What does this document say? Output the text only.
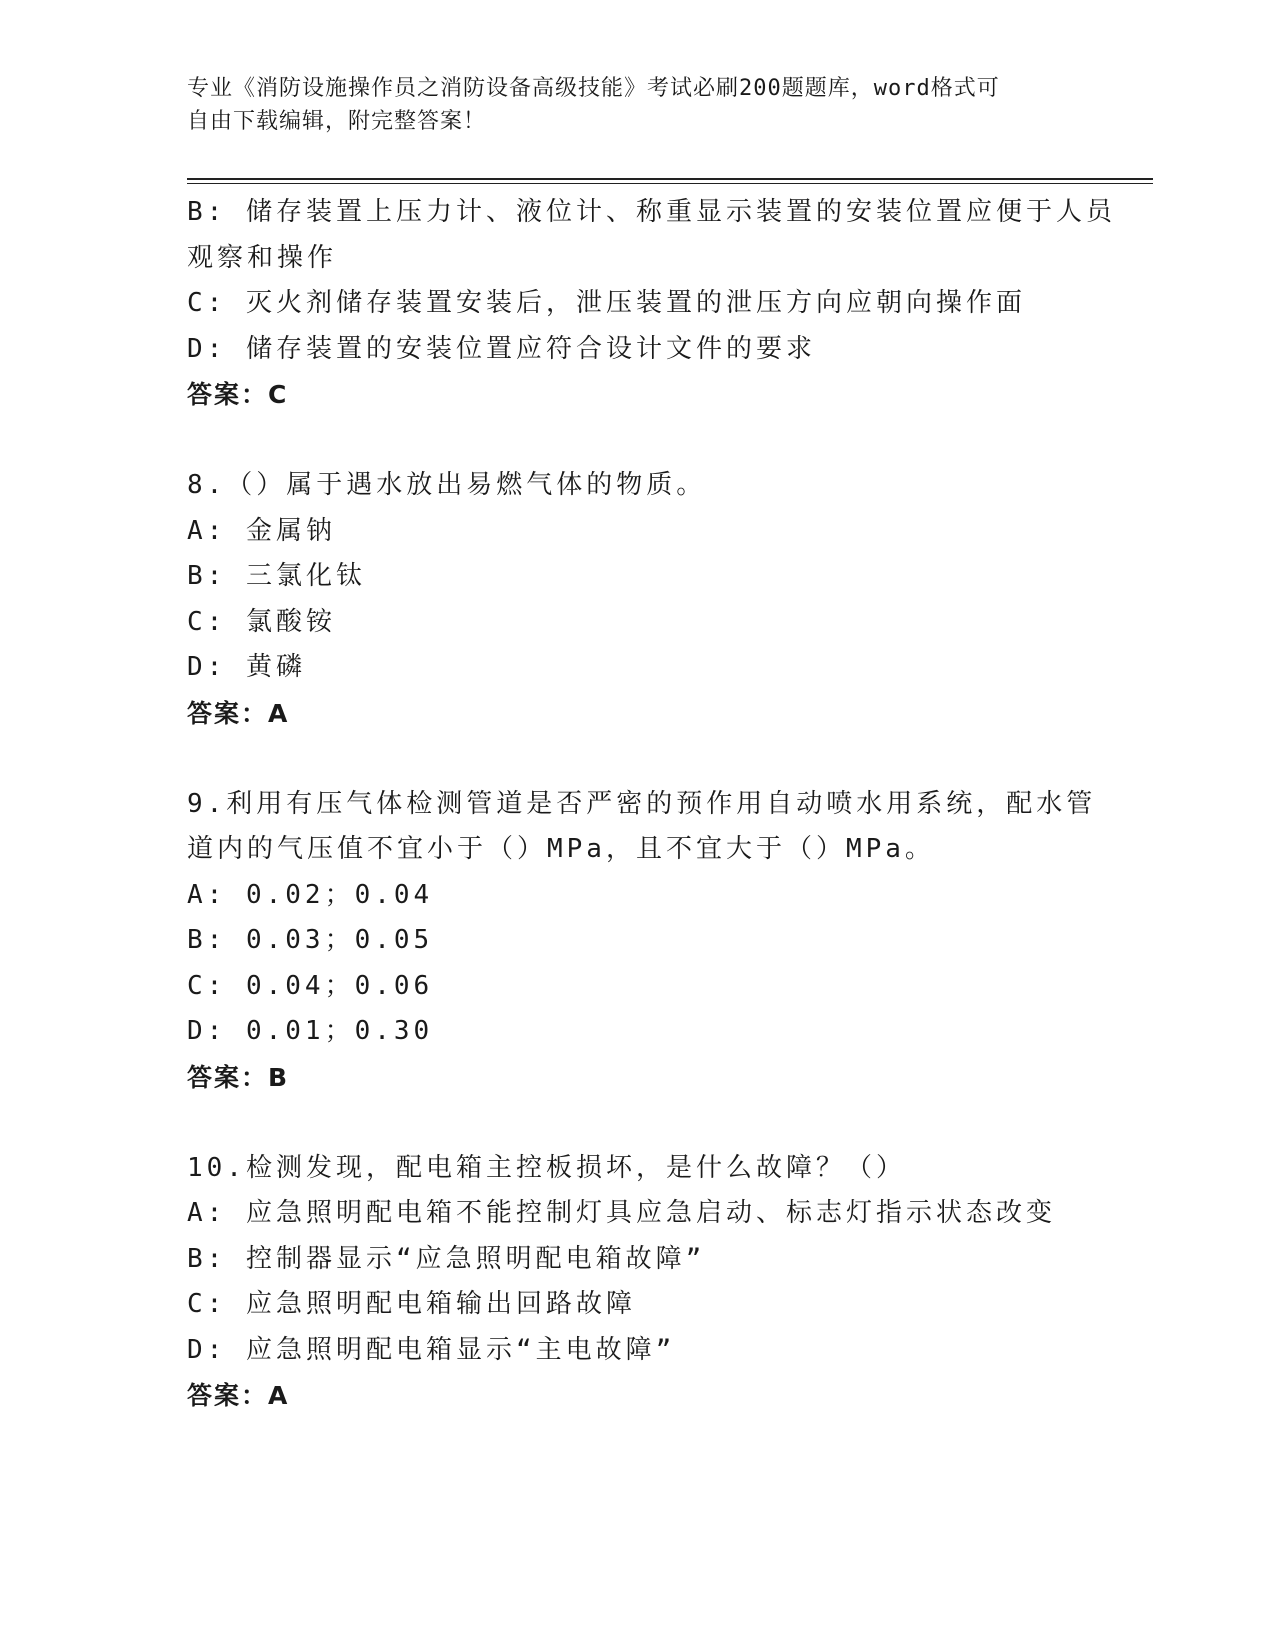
专业《消防设施操作员之消防设备高级技能》考试必刷200题题库，word格式可
自由下载编辑，附完整答案！
B: 储存装置上压力计、液位计、称重显示装置的安装位置应便于人员
观察和操作
C: 灭火剂储存装置安装后，泄压装置的泄压方向应朝向操作面
D: 储存装置的安装位置应符合设计文件的要求
答案：C
8.（）属于遇水放出易燃气体的物质。
A: 金属钠
B: 三氯化钛
C: 氯酸铵
D: 黄磷
答案：A
9.利用有压气体检测管道是否严密的预作用自动喷水用系统，配水管
道内的气压值不宜小于（）MPa，且不宜大于（）MPa。
A: 0.02；0.04
B: 0.03；0.05
C: 0.04；0.06
D: 0.01；0.30
答案：B
10.检测发现，配电箱主控板损坏，是什么故障？（）
A: 应急照明配电箱不能控制灯具应急启动、标志灯指示状态改变
B: 控制器显示“应急照明配电箱故障”
C: 应急照明配电箱输出回路故障
D: 应急照明配电箱显示“主电故障”
答案：A
